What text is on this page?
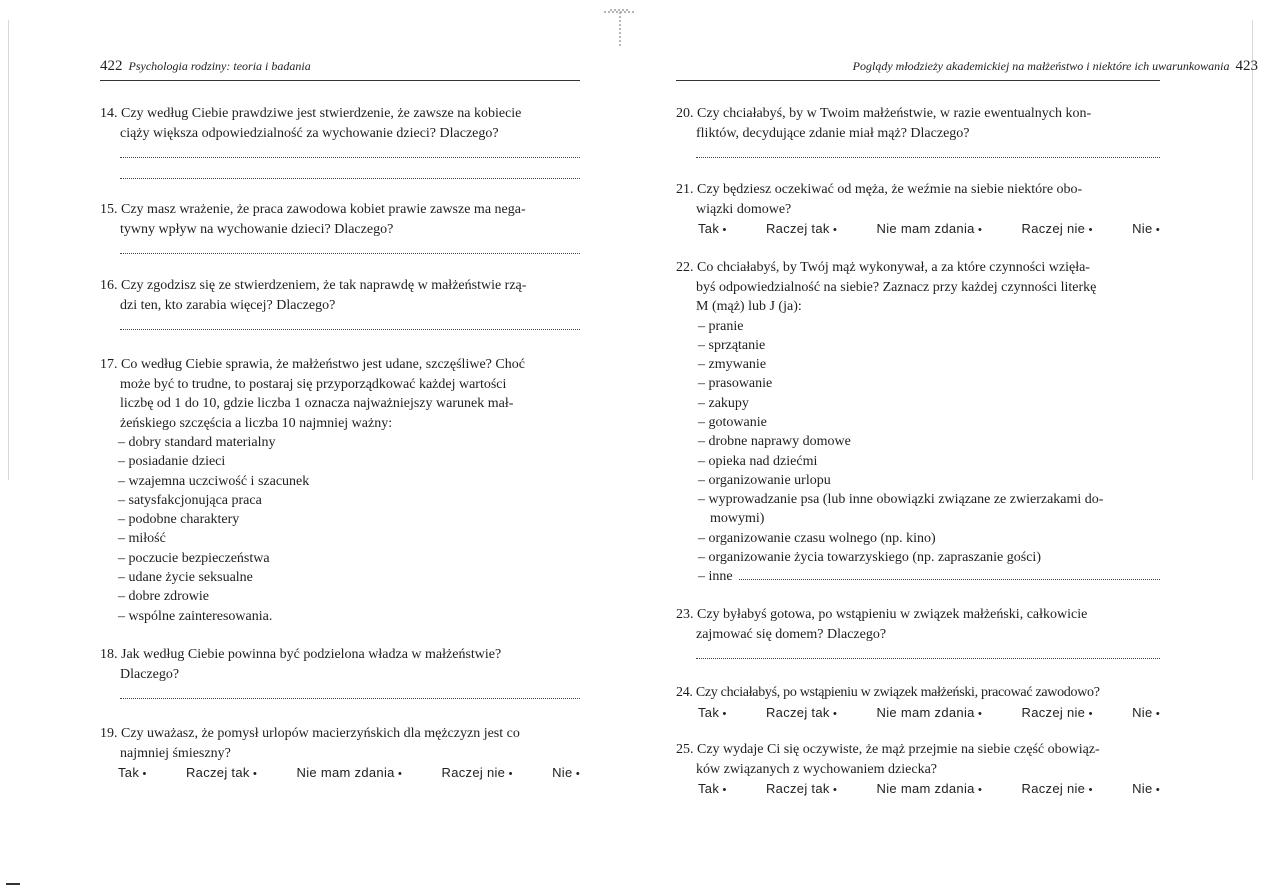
422 Psychologia rodziny: teoria i badania
14. Czy według Ciebie prawdziwe jest stwierdzenie, że zawsze na kobiecie
ciąży większa odpowiedzialność za wychowanie dzieci? Dlaczego?
15. Czy masz wrażenie, że praca zawodowa kobiet prawie zawsze ma nega-
tywny wpływ na wychowanie dzieci? Dlaczego?
16. Czy zgodzisz się ze stwierdzeniem, że tak naprawdę w małżeństwie rzą-
dzi ten, kto zarabia więcej? Dlaczego?
17. Co według Ciebie sprawia, że małżeństwo jest udane, szczęśliwe? Choć
może być to trudne, to postaraj się przyporządkować każdej wartości
liczbę od 1 do 10, gdzie liczba 1 oznacza najważniejszy warunek mał-
żeńskiego szczęścia a liczba 10 najmniej ważny:
– dobry standard materialny
– posiadanie dzieci
– wzajemna uczciwość i szacunek
– satysfakcjonująca praca
– podobne charaktery
– miłość
– poczucie bezpieczeństwa
– udane życie seksualne
– dobre zdrowie
– wspólne zainteresowania.
18. Jak według Ciebie powinna być podzielona władza w małżeństwie?
Dlaczego?
19. Czy uważasz, że pomysł urlopów macierzyńskich dla mężczyzn jest co
najmniej śmieszny?
Tak •	Raczej tak •	Nie mam zdania •	Raczej nie •	Nie •
Poglądy młodzieży akademickiej na małżeństwo i niektóre ich uwarunkowania 423
20. Czy chciałabyś, by w Twoim małżeństwie, w razie ewentualnych kon-
fliktów, decydujące zdanie miał mąż? Dlaczego?
21. Czy będziesz oczekiwać od męża, że weźmie na siebie niektóre obo-
wiązki domowe?
Tak •	Raczej tak •	Nie mam zdania •	Raczej nie •	Nie •
22. Co chciałabyś, by Twój mąż wykonywał, a za które czynności wzięła-
byś odpowiedzialność na siebie? Zaznacz przy każdej czynności literkę
M (mąż) lub J (ja):
– pranie
– sprzątanie
– zmywanie
– prasowanie
– zakupy
– gotowanie
– drobne naprawy domowe
– opieka nad dziećmi
– organizowanie urlopu
– wyprowadzanie psa (lub inne obowiązki związane ze zwierzakami do-
mowymi)
– organizowanie czasu wolnego (np. kino)
– organizowanie życia towarzyskiego (np. zapraszanie gości)
– inne
23. Czy byłabyś gotowa, po wstąpieniu w związek małżeński, całkowicie
zajmować się domem? Dlaczego?
24. Czy chciałabyś, po wstąpieniu w związek małżeński, pracować zawodowo?
Tak •	Raczej tak •	Nie mam zdania •	Raczej nie •	Nie •
25. Czy wydaje Ci się oczywiste, że mąż przejmie na siebie część obowiąz-
ków związanych z wychowaniem dziecka?
Tak •	Raczej tak •	Nie mam zdania •	Raczej nie •	Nie •
